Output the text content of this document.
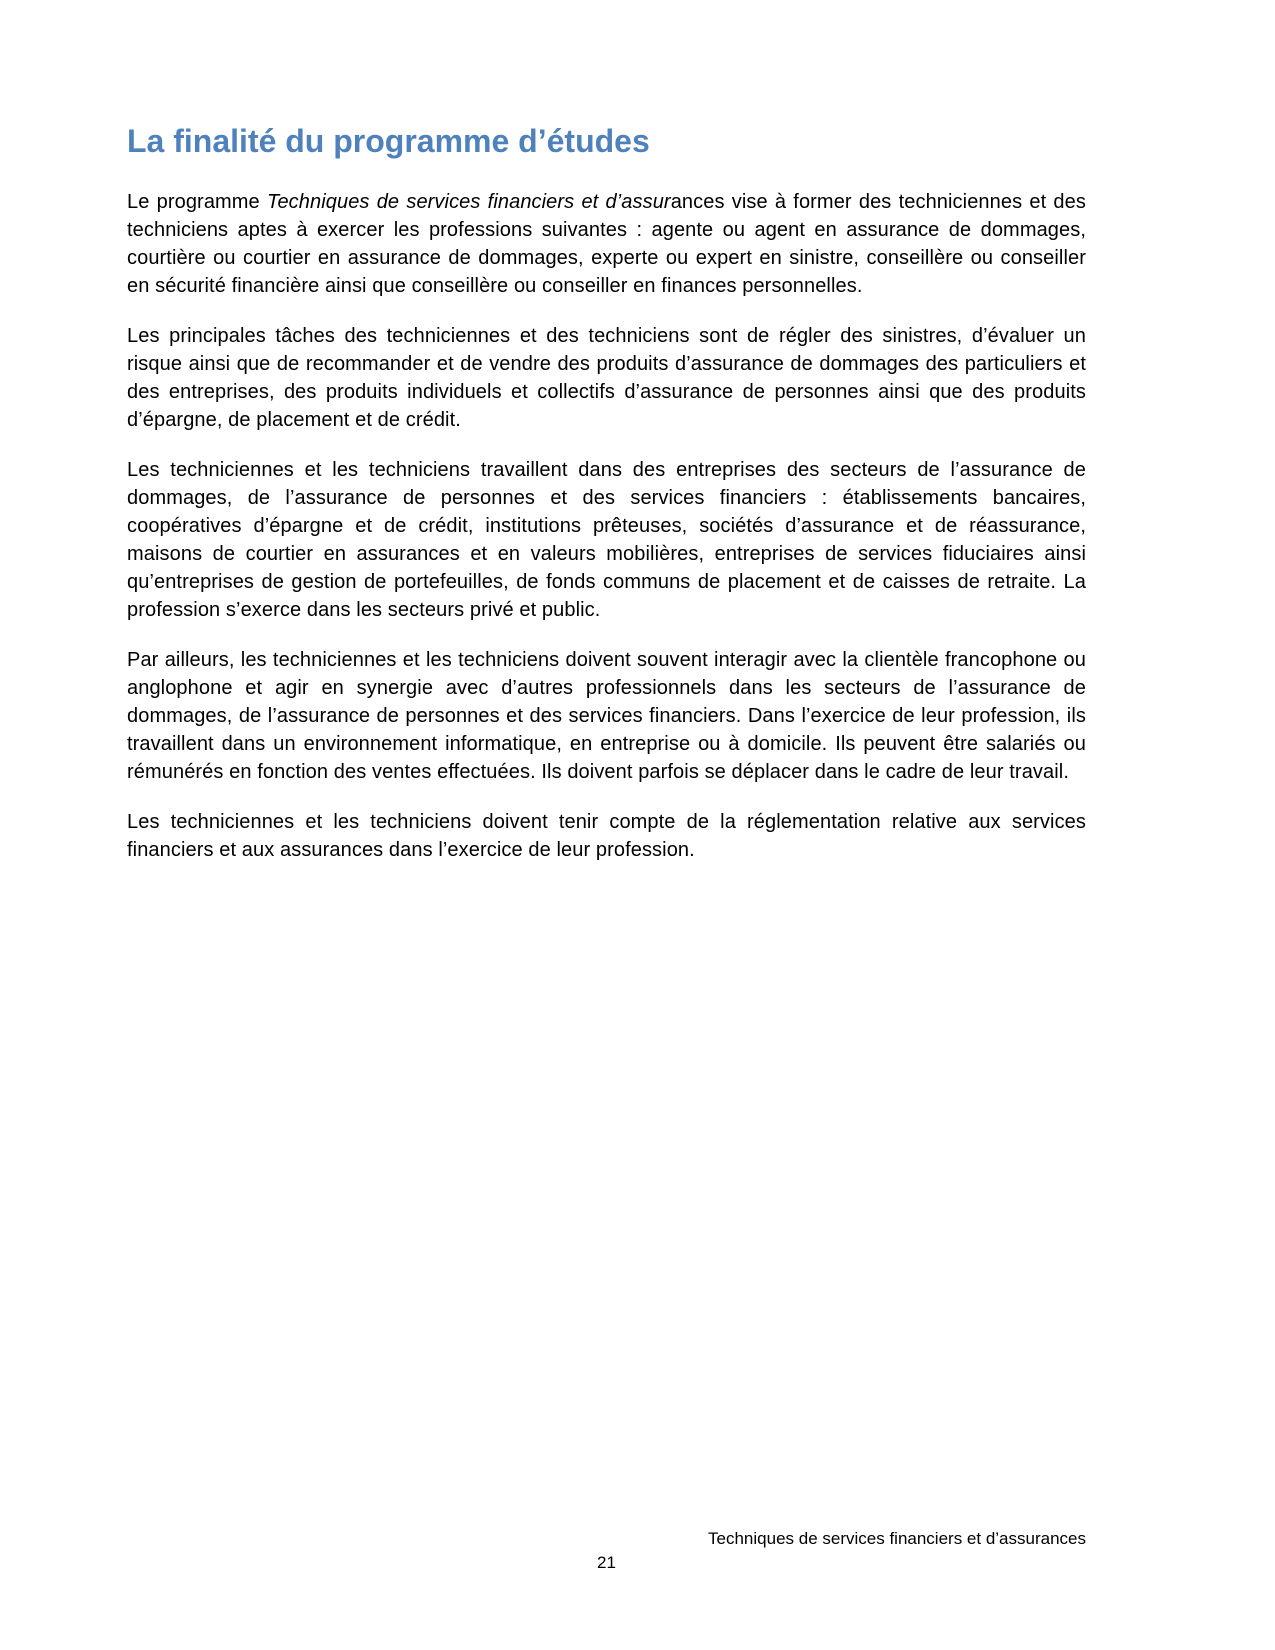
La finalité du programme d’études

Le programme Techniques de services financiers et d’assurances vise à former des techniciennes et des techniciens aptes à exercer les professions suivantes : agente ou agent en assurance de dommages, courtière ou courtier en assurance de dommages, experte ou expert en sinistre, conseillère ou conseiller en sécurité financière ainsi que conseillère ou conseiller en finances personnelles.

Les principales tâches des techniciennes et des techniciens sont de régler des sinistres, d’évaluer un risque ainsi que de recommander et de vendre des produits d’assurance de dommages des particuliers et des entreprises, des produits individuels et collectifs d’assurance de personnes ainsi que des produits d’épargne, de placement et de crédit.

Les techniciennes et les techniciens travaillent dans des entreprises des secteurs de l’assurance de dommages, de l’assurance de personnes et des services financiers : établissements bancaires, coopératives d’épargne et de crédit, institutions prêteuses, sociétés d’assurance et de réassurance, maisons de courtier en assurances et en valeurs mobilières, entreprises de services fiduciaires ainsi qu’entreprises de gestion de portefeuilles, de fonds communs de placement et de caisses de retraite. La profession s’exerce dans les secteurs privé et public.

Par ailleurs, les techniciennes et les techniciens doivent souvent interagir avec la clientèle francophone ou anglophone et agir en synergie avec d’autres professionnels dans les secteurs de l’assurance de dommages, de l’assurance de personnes et des services financiers. Dans l’exercice de leur profession, ils travaillent dans un environnement informatique, en entreprise ou à domicile. Ils peuvent être salariés ou rémunérés en fonction des ventes effectuées. Ils doivent parfois se déplacer dans le cadre de leur travail.

Les techniciennes et les techniciens doivent tenir compte de la réglementation relative aux services financiers et aux assurances dans l’exercice de leur profession.

Techniques de services financiers et d’assurances
21
